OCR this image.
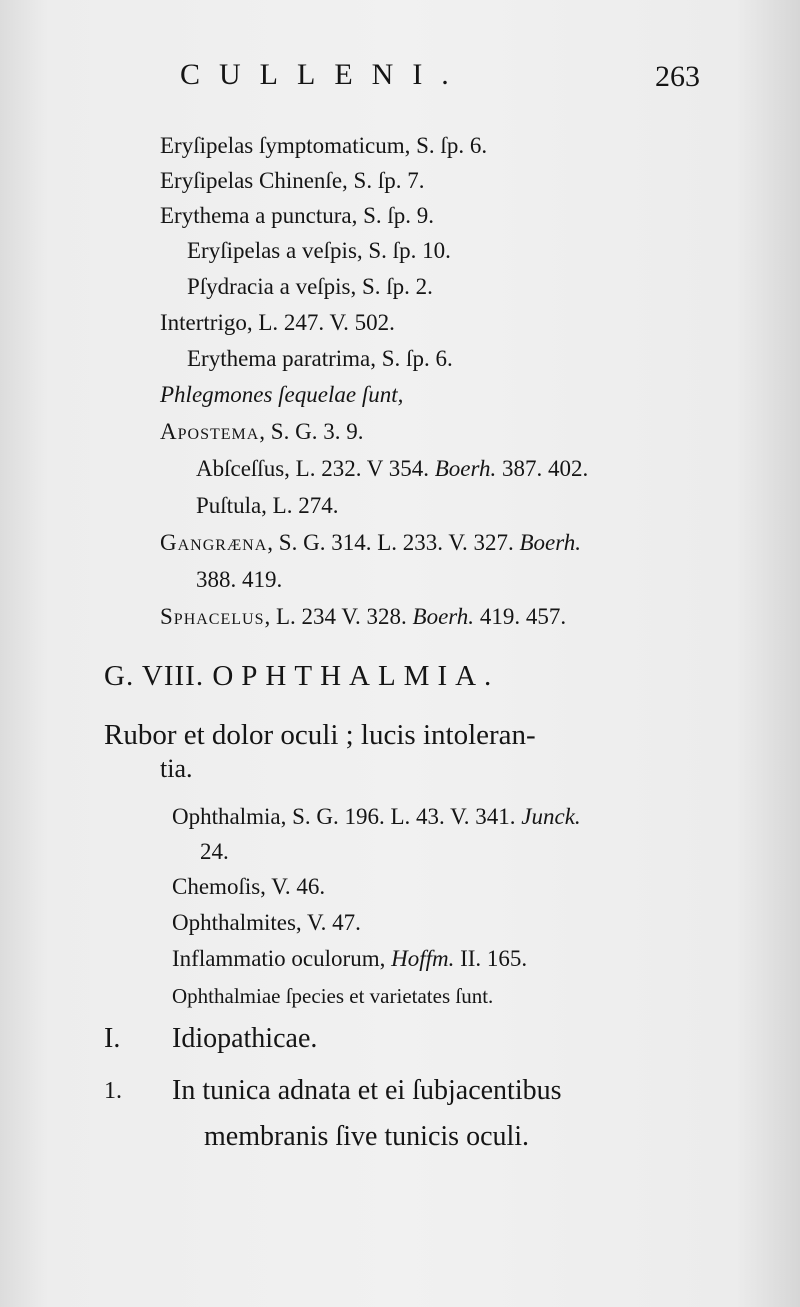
CULLENI.	263
Eryſipelas ſymptomaticum, S. ſp. 6.
Eryſipelas Chinenſe, S. ſp. 7.
Erythema a punctura, S. ſp. 9.
Eryſipelas a veſpis, S. ſp. 10.
Pſydracia a veſpis, S. ſp. 2.
Intertrigo, L. 247. V. 502.
Erythema paratrima, S. ſp. 6.
Phlegmones ſequelae ſunt,
Apostema, S. G. 3. 9.
Abſceſſus, L. 232. V 354. Boerh. 387. 402.
Puſtula, L. 274.
Gangræna, S. G. 314. L. 233. V. 327. Boerh.
388. 419.
Sphacelus, L. 234 V. 328. Boerh. 419. 457.
G. VIII. OPHTHALMIA.
Rubor et dolor oculi ; lucis intoleran-
tia.
Ophthalmia, S. G. 196. L. 43. V. 341. Junck.
24.
Chemoſis, V. 46.
Ophthalmites, V. 47.
Inflammatio oculorum, Hoffm. II. 165.
Ophthalmiae ſpecies et varietates ſunt.
I. Idiopathicae.
1. In tunica adnata et ei ſubjacentibus
membranis ſive tunicis oculi.
